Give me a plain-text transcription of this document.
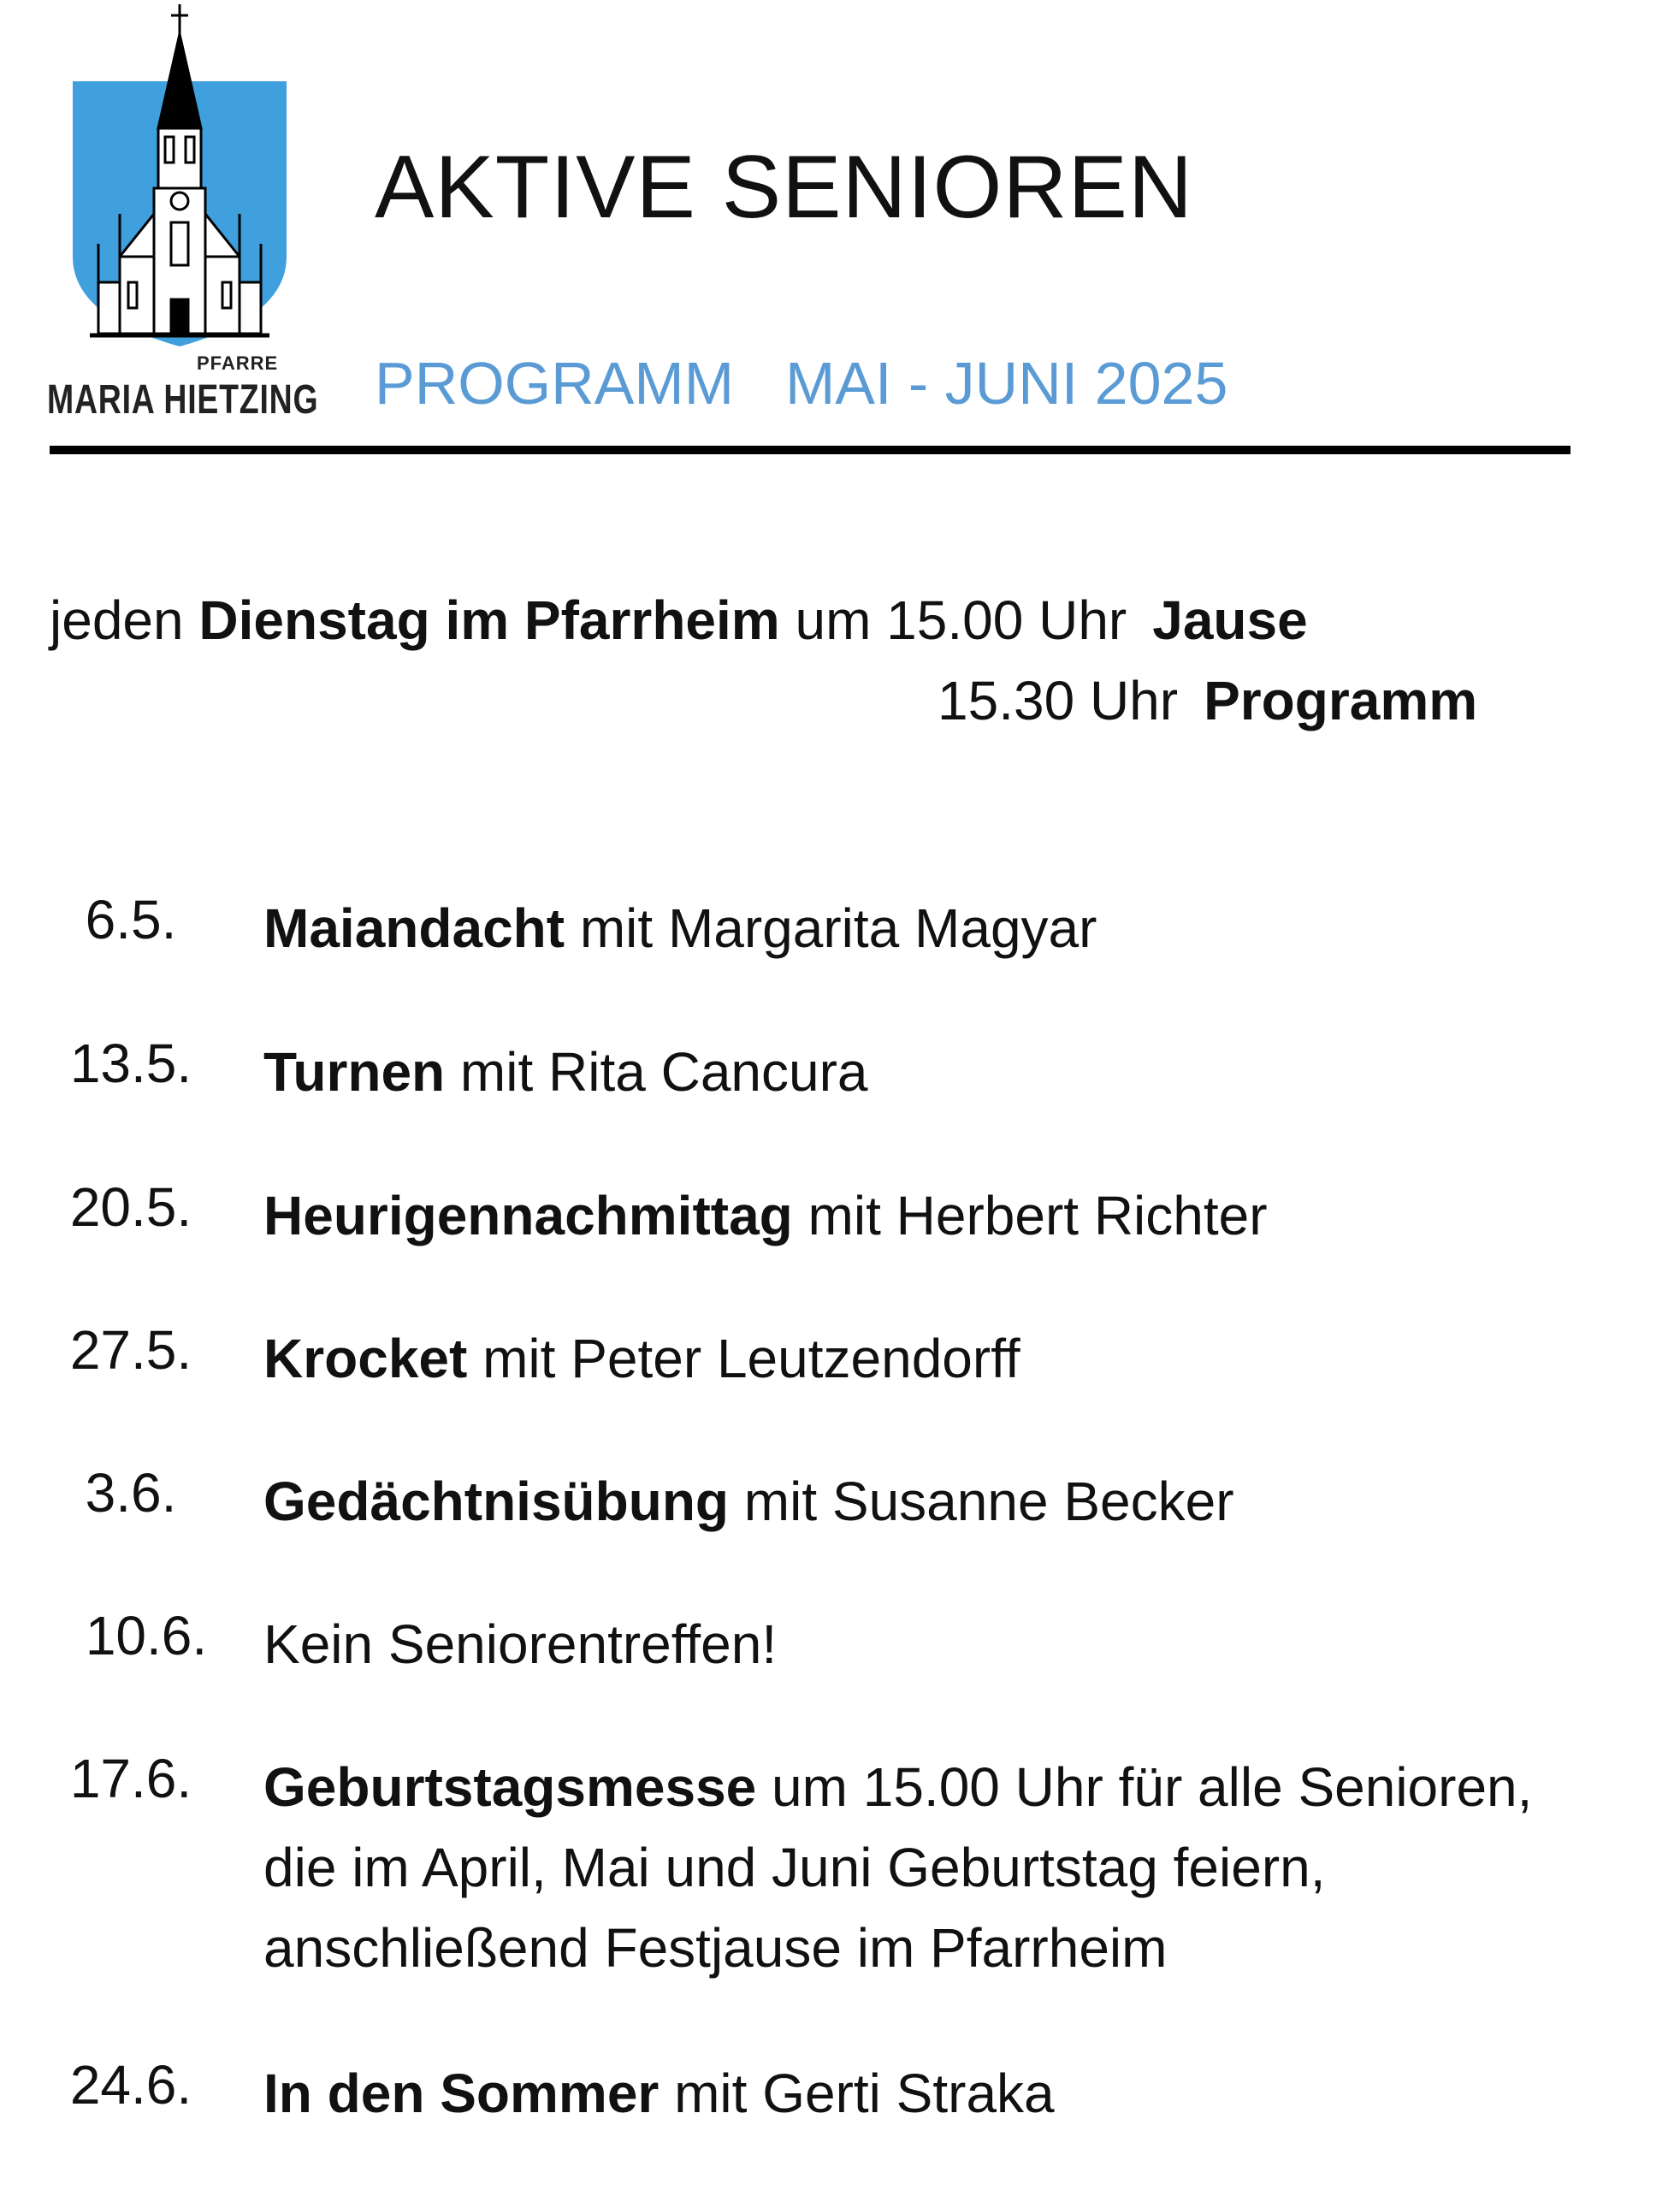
PFARRE
MARIA HIETZING
AKTIVE SENIOREN
PROGRAMM MAI - JUNI 2025
jeden Dienstag im Pfarrheim um 15.00 Uhr Jause
15.30 Uhr Programm
6.5.	Maiandacht mit Margarita Magyar
13.5.	Turnen mit Rita Cancura
20.5.	Heurigennachmittag mit Herbert Richter
27.5.	Krocket mit Peter Leutzendorff
3.6.	Gedächtnisübung mit Susanne Becker
10.6.	Kein Seniorentreffen!
17.6.	Geburtstagsmesse um 15.00 Uhr für alle Senioren,
die im April, Mai und Juni Geburtstag feiern,
anschließend Festjause im Pfarrheim
24.6.	In den Sommer mit Gerti Straka
